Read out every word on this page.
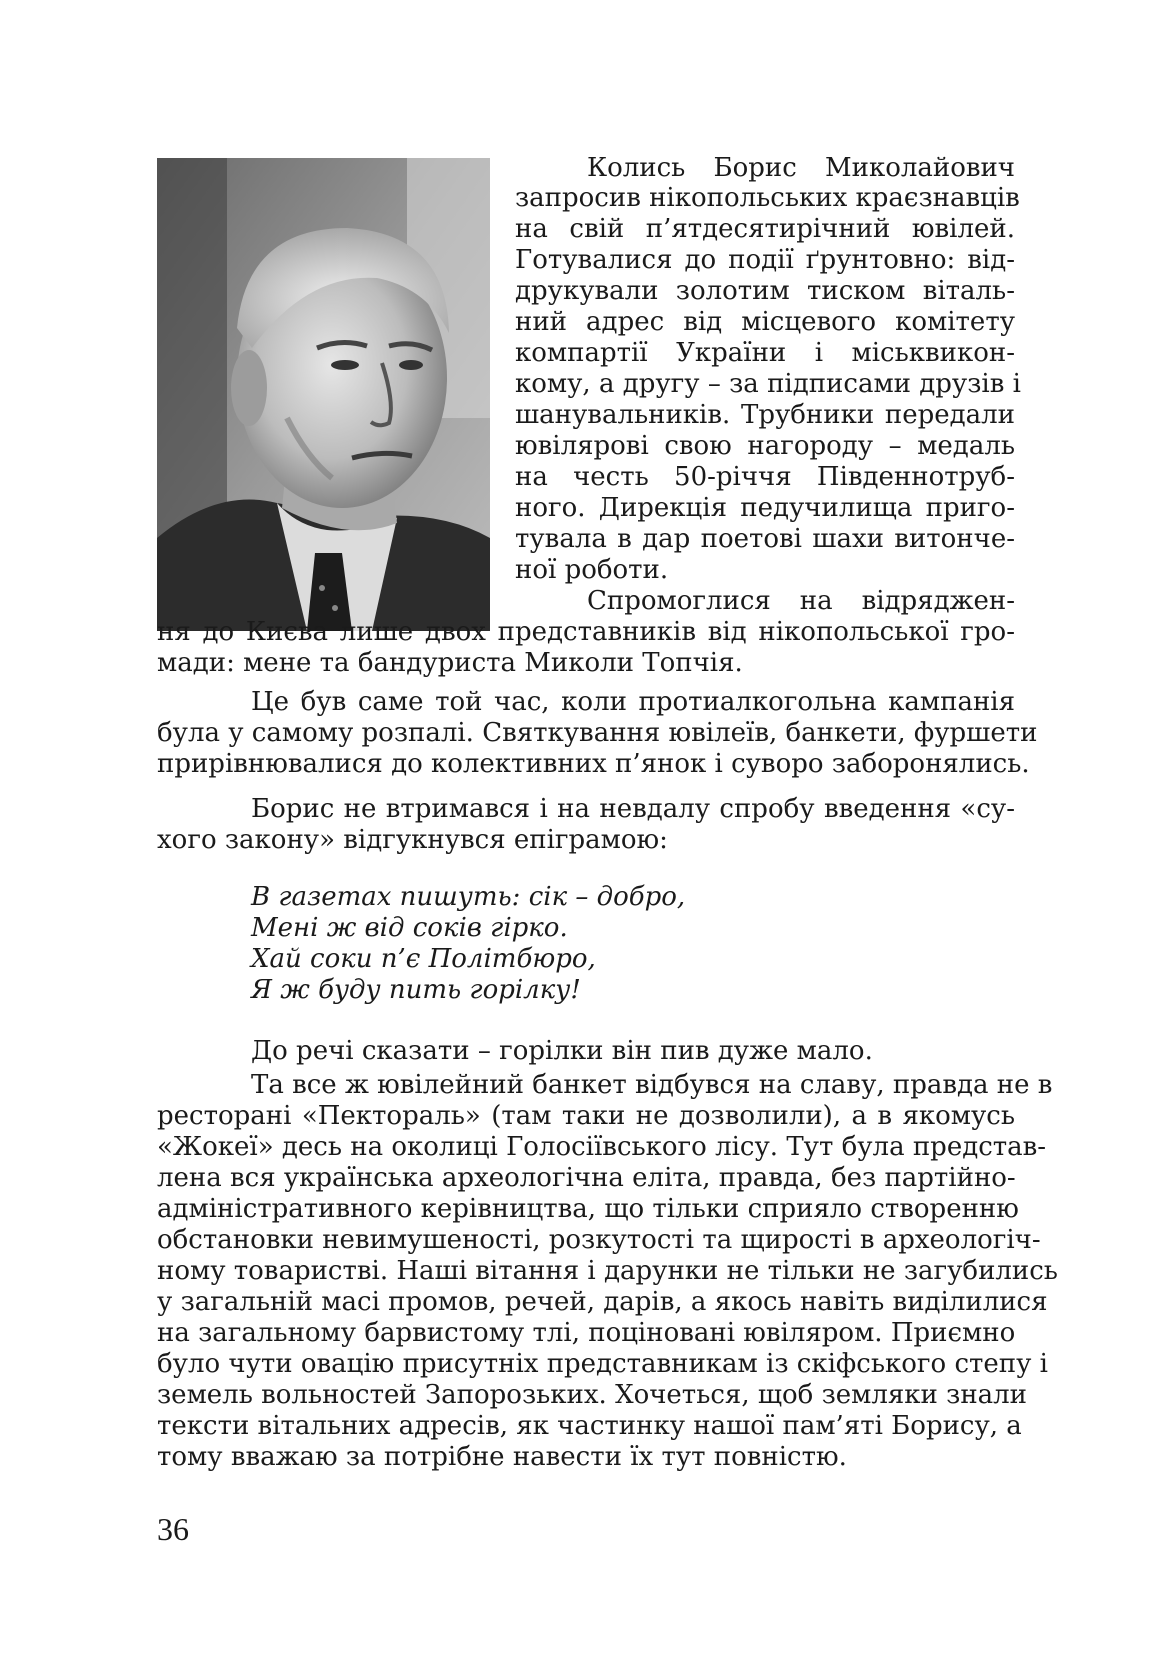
Колись Борис Миколайович
запросив нікопольських краєзнавців
на свій п’ятдесятирічний ювілей.
Готувалися до події ґрунтовно: від-
друкували золотим тиском віталь-
ний адрес від місцевого комітету
компартії України і міськвикон-
кому, а другу – за підписами друзів і
шанувальників. Трубники передали
ювілярові свою нагороду – медаль
на честь 50-річчя Південнотруб-
ного. Дирекція педучилища приго-
тувала в дар поетові шахи витонче-
ної роботи.
Спромоглися на відряджен-
ня до Києва лише двох представників від нікопольської гро-
мади: мене та бандуриста Миколи Топчія.
Це був саме той час, коли протиалкогольна кампанія
була у самому розпалі. Святкування ювілеїв, банкети, фуршети
прирівнювалися до колективних п’янок і суворо заборонялись.
Борис не втримався і на невдалу спробу введення «су-
хого закону» відгукнувся епіграмою:
В газетах пишуть: сік – добро,
Мені ж від соків гірко.
Хай соки п’є Політбюро,
Я ж буду пить горілку!
До речі сказати – горілки він пив дуже мало.
Та все ж ювілейний банкет відбувся на славу, правда не в
ресторані «Пектораль» (там таки не дозволили), а в якомусь
«Жокеї» десь на околиці Голосіївського лісу. Тут була представ-
лена вся українська археологічна еліта, правда, без партійно-
адміністративного керівництва, що тільки сприяло створенню
обстановки невимушеності, розкутості та щирості в археологіч-
ному товаристві. Наші вітання і дарунки не тільки не загубились
у загальній масі промов, речей, дарів, а якось навіть виділилися
на загальному барвистому тлі, поціновані ювіляром. Приємно
було чути овацію присутніх представникам із скіфського степу і
земель вольностей Запорозьких. Хочеться, щоб земляки знали
тексти вітальних адресів, як частинку нашої пам’яті Борису, а
тому вважаю за потрібне навести їх тут повністю.
36
